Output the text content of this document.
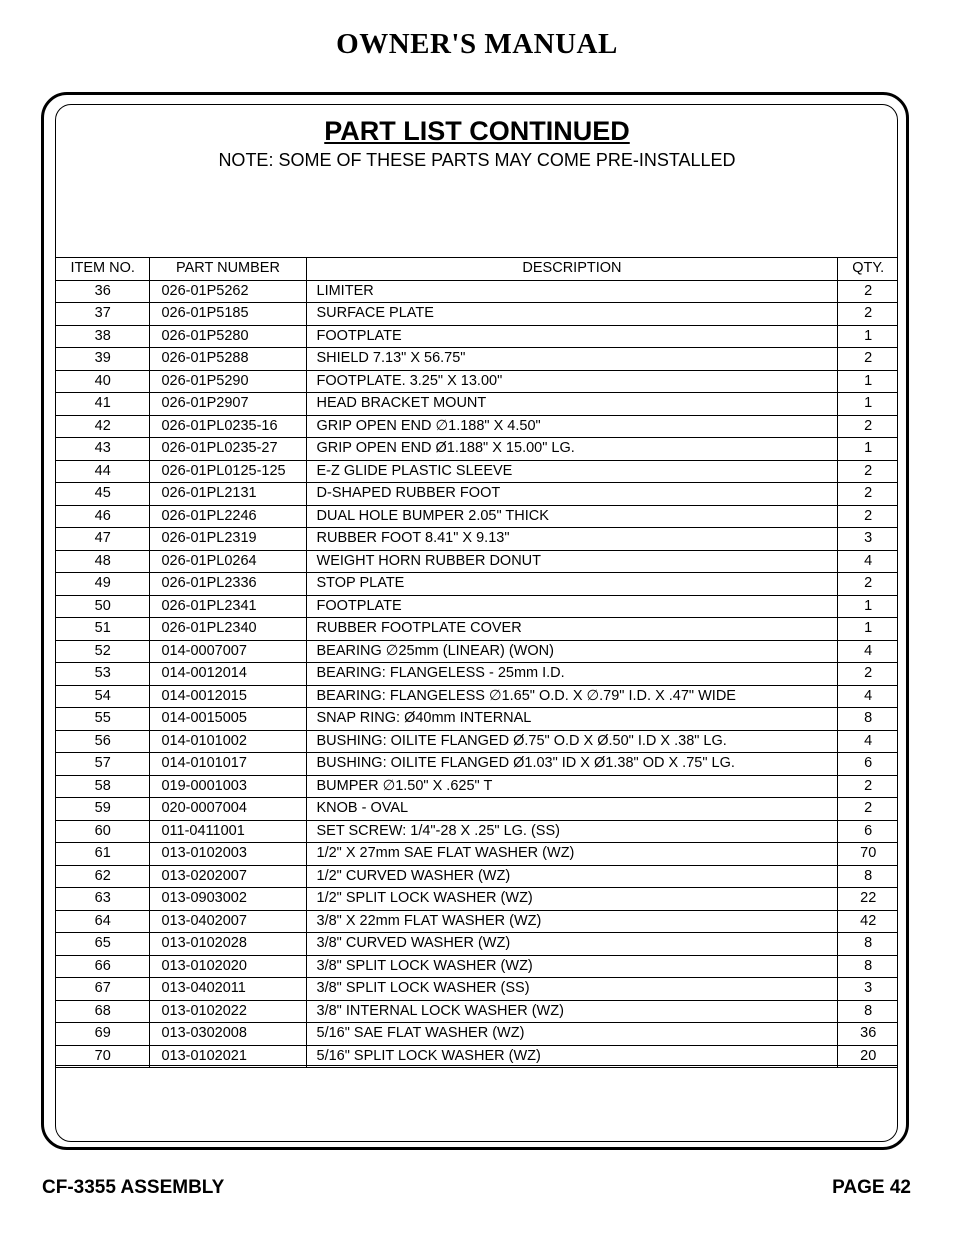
OWNER'S MANUAL
PART LIST CONTINUED
NOTE: SOME OF THESE PARTS MAY COME PRE-INSTALLED
ITEM NO.	PART NUMBER	DESCRIPTION	QTY.
36	026-01P5262	LIMITER	2
37	026-01P5185	SURFACE PLATE	2
38	026-01P5280	FOOTPLATE	1
39	026-01P5288	SHIELD 7.13" X 56.75"	2
40	026-01P5290	FOOTPLATE. 3.25" X 13.00"	1
41	026-01P2907	HEAD BRACKET MOUNT	1
42	026-01PL0235-16	GRIP OPEN END ∅1.188" X 4.50"	2
43	026-01PL0235-27	GRIP OPEN END Ø1.188" X 15.00" LG.	1
44	026-01PL0125-125	E-Z GLIDE PLASTIC SLEEVE	2
45	026-01PL2131	D-SHAPED RUBBER FOOT	2
46	026-01PL2246	DUAL HOLE BUMPER 2.05" THICK	2
47	026-01PL2319	RUBBER FOOT 8.41" X 9.13"	3
48	026-01PL0264	WEIGHT HORN RUBBER DONUT	4
49	026-01PL2336	STOP PLATE	2
50	026-01PL2341	FOOTPLATE	1
51	026-01PL2340	RUBBER FOOTPLATE COVER	1
52	014-0007007	BEARING ∅25mm (LINEAR) (WON)	4
53	014-0012014	BEARING: FLANGELESS - 25mm I.D.	2
54	014-0012015	BEARING: FLANGELESS ∅1.65" O.D. X ∅.79" I.D. X .47" WIDE	4
55	014-0015005	SNAP RING: Ø40mm INTERNAL	8
56	014-0101002	BUSHING: OILITE FLANGED Ø.75" O.D X Ø.50" I.D X .38" LG.	4
57	014-0101017	BUSHING: OILITE FLANGED Ø1.03" ID X Ø1.38" OD X .75" LG.	6
58	019-0001003	BUMPER ∅1.50" X .625" T	2
59	020-0007004	KNOB - OVAL	2
60	011-0411001	SET SCREW: 1/4"-28 X .25" LG. (SS)	6
61	013-0102003	1/2" X 27mm SAE FLAT WASHER (WZ)	70
62	013-0202007	1/2" CURVED WASHER (WZ)	8
63	013-0903002	1/2" SPLIT LOCK WASHER (WZ)	22
64	013-0402007	3/8" X 22mm FLAT WASHER (WZ)	42
65	013-0102028	3/8" CURVED WASHER (WZ)	8
66	013-0102020	3/8" SPLIT LOCK WASHER (WZ)	8
67	013-0402011	3/8" SPLIT LOCK WASHER (SS)	3
68	013-0102022	3/8" INTERNAL LOCK WASHER (WZ)	8
69	013-0302008	5/16" SAE FLAT WASHER (WZ)	36
70	013-0102021	5/16" SPLIT LOCK WASHER (WZ)	20
CF-3355 ASSEMBLY	PAGE 42
